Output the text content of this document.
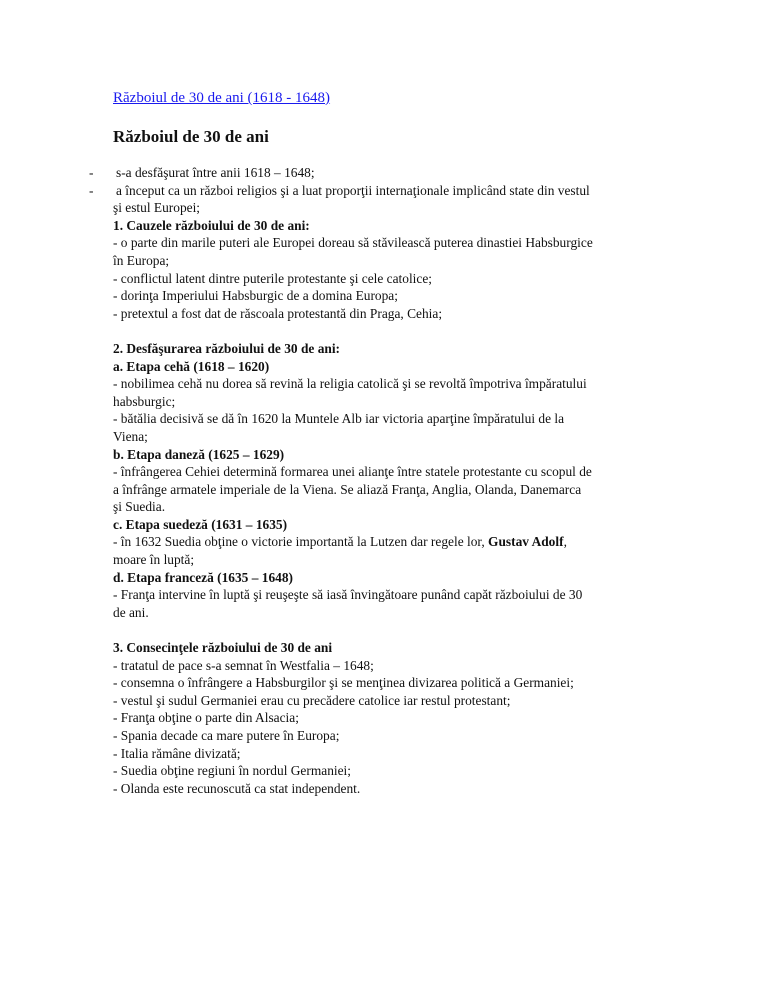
Războiul de 30 de ani (1618 - 1648)
Războiul de 30 de ani
- s-a desfăşurat între anii 1618 – 1648;
- a început ca un război religios şi a luat proporţii internaţionale implicând state din vestul
şi estul Europei;
1. Cauzele războiului de 30 de ani:
- o parte din marile puteri ale Europei doreau să stăvilească puterea dinastiei Habsburgice
în Europa;
- conflictul latent dintre puterile protestante şi cele catolice;
- dorinţa Imperiului Habsburgic de a domina Europa;
- pretextul a fost dat de răscoala protestantă din Praga, Cehia;
2. Desfăşurarea războiului de 30 de ani:
a. Etapa cehă (1618 – 1620)
- nobilimea cehă nu dorea să revină la religia catolică şi se revoltă împotriva împăratului
habsburgic;
- bătălia decisivă se dă în 1620 la Muntele Alb iar victoria aparţine împăratului de la
Viena;
b. Etapa daneză (1625 – 1629)
- înfrângerea Cehiei determină formarea unei alianţe între statele protestante cu scopul de
a înfrânge armatele imperiale de la Viena. Se aliază Franţa, Anglia, Olanda, Danemarca
şi Suedia.
c. Etapa suedeză (1631 – 1635)
- în 1632 Suedia obţine o victorie importantă la Lutzen dar regele lor, Gustav Adolf,
moare în luptă;
d. Etapa franceză (1635 – 1648)
- Franţa intervine în luptă şi reuşeşte să iasă învingătoare punând capăt războiului de 30
de ani.
3. Consecinţele războiului de 30 de ani
- tratatul de pace s-a semnat în Westfalia – 1648;
- consemna o înfrângere a Habsburgilor şi se menţinea divizarea politică a Germaniei;
- vestul şi sudul Germaniei erau cu precădere catolice iar restul protestant;
- Franţa obţine o parte din Alsacia;
- Spania decade ca mare putere în Europa;
- Italia rămâne divizată;
- Suedia obţine regiuni în nordul Germaniei;
- Olanda este recunoscută ca stat independent.
